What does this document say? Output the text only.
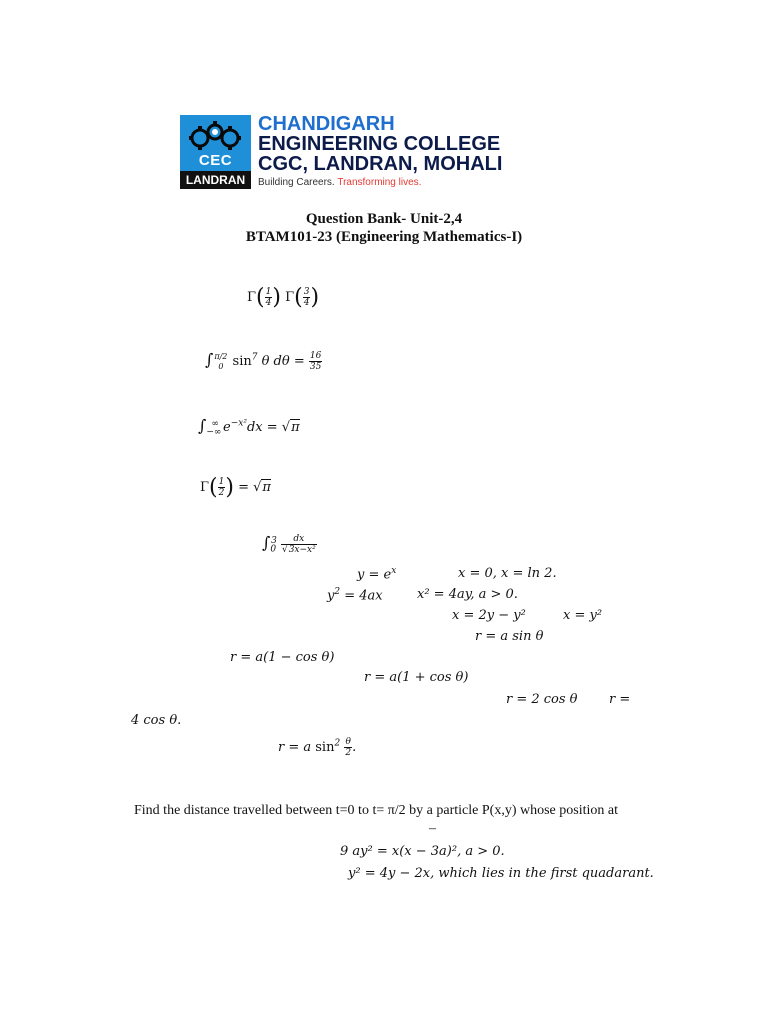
CEC
LANDRAN
CHANDIGARH
ENGINEERING COLLEGE
CGC, LANDRAN, MOHALI
Building Careers. Transforming lives.
Question Bank- Unit-2,4
BTAM101-23 (Engineering Mathematics-I)
$\Gamma( \frac{1}{4}$ ) $\Gamma( \frac{3}{4}$ )
∫ π/2
0 $\sin^7 \theta$ $d\theta = \frac{16}{35}$
$\int_{-\infty}^\infty$ $e^{-x^2}dx = √\pi$
$\Gamma( \frac{1}{2}$ ) = √π
$\int_0^3 \frac{dx}{\text{√3x−x²}}$
$y = e^x$	x = 0, x = ln 2.
$y^2 = 4ax$	x² = 4ay, a > 0.
x = 2y − y²	x = y²
r = a sin θ
r = a(1 − cos θ)
r = a(1 + cos θ)
r = 2 cos θ r =
4 cos θ.
r = a $\sin^2 \frac{\theta}{2}$ .
Find the distance travelled between t=0 to t= π/2 by a particle P(x,y) whose position at
–
9 ay² = x(x − 3a)², a > 0.
y² = 4y − 2x, which lies in the first quadarant.
